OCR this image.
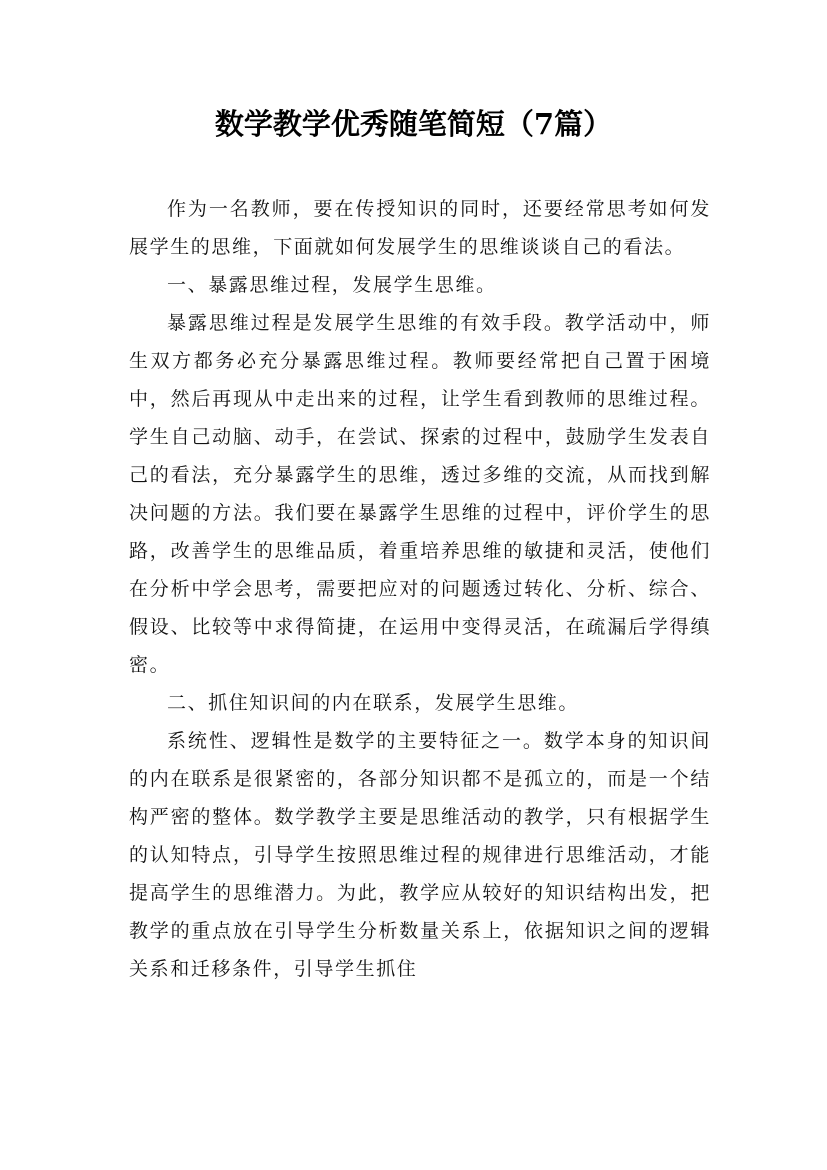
数学教学优秀随笔简短（7篇）

作为一名教师，要在传授知识的同时，还要经常思考如何发展学生的思维，下面就如何发展学生的思维谈谈自己的看法。

一、暴露思维过程，发展学生思维。

暴露思维过程是发展学生思维的有效手段。教学活动中，师生双方都务必充分暴露思维过程。教师要经常把自己置于困境中，然后再现从中走出来的过程，让学生看到教师的思维过程。学生自己动脑、动手，在尝试、探索的过程中，鼓励学生发表自己的看法，充分暴露学生的思维，透过多维的交流，从而找到解决问题的方法。我们要在暴露学生思维的过程中，评价学生的思路，改善学生的思维品质，着重培养思维的敏捷和灵活，使他们在分析中学会思考，需要把应对的问题透过转化、分析、综合、假设、比较等中求得简捷，在运用中变得灵活，在疏漏后学得缜密。

二、抓住知识间的内在联系，发展学生思维。

系统性、逻辑性是数学的主要特征之一。数学本身的知识间的内在联系是很紧密的，各部分知识都不是孤立的，而是一个结构严密的整体。数学教学主要是思维活动的教学，只有根据学生的认知特点，引导学生按照思维过程的规律进行思维活动，才能提高学生的思维潜力。为此，教学应从较好的知识结构出发，把教学的重点放在引导学生分析数量关系上，依据知识之间的逻辑关系和迁移条件，引导学生抓住
